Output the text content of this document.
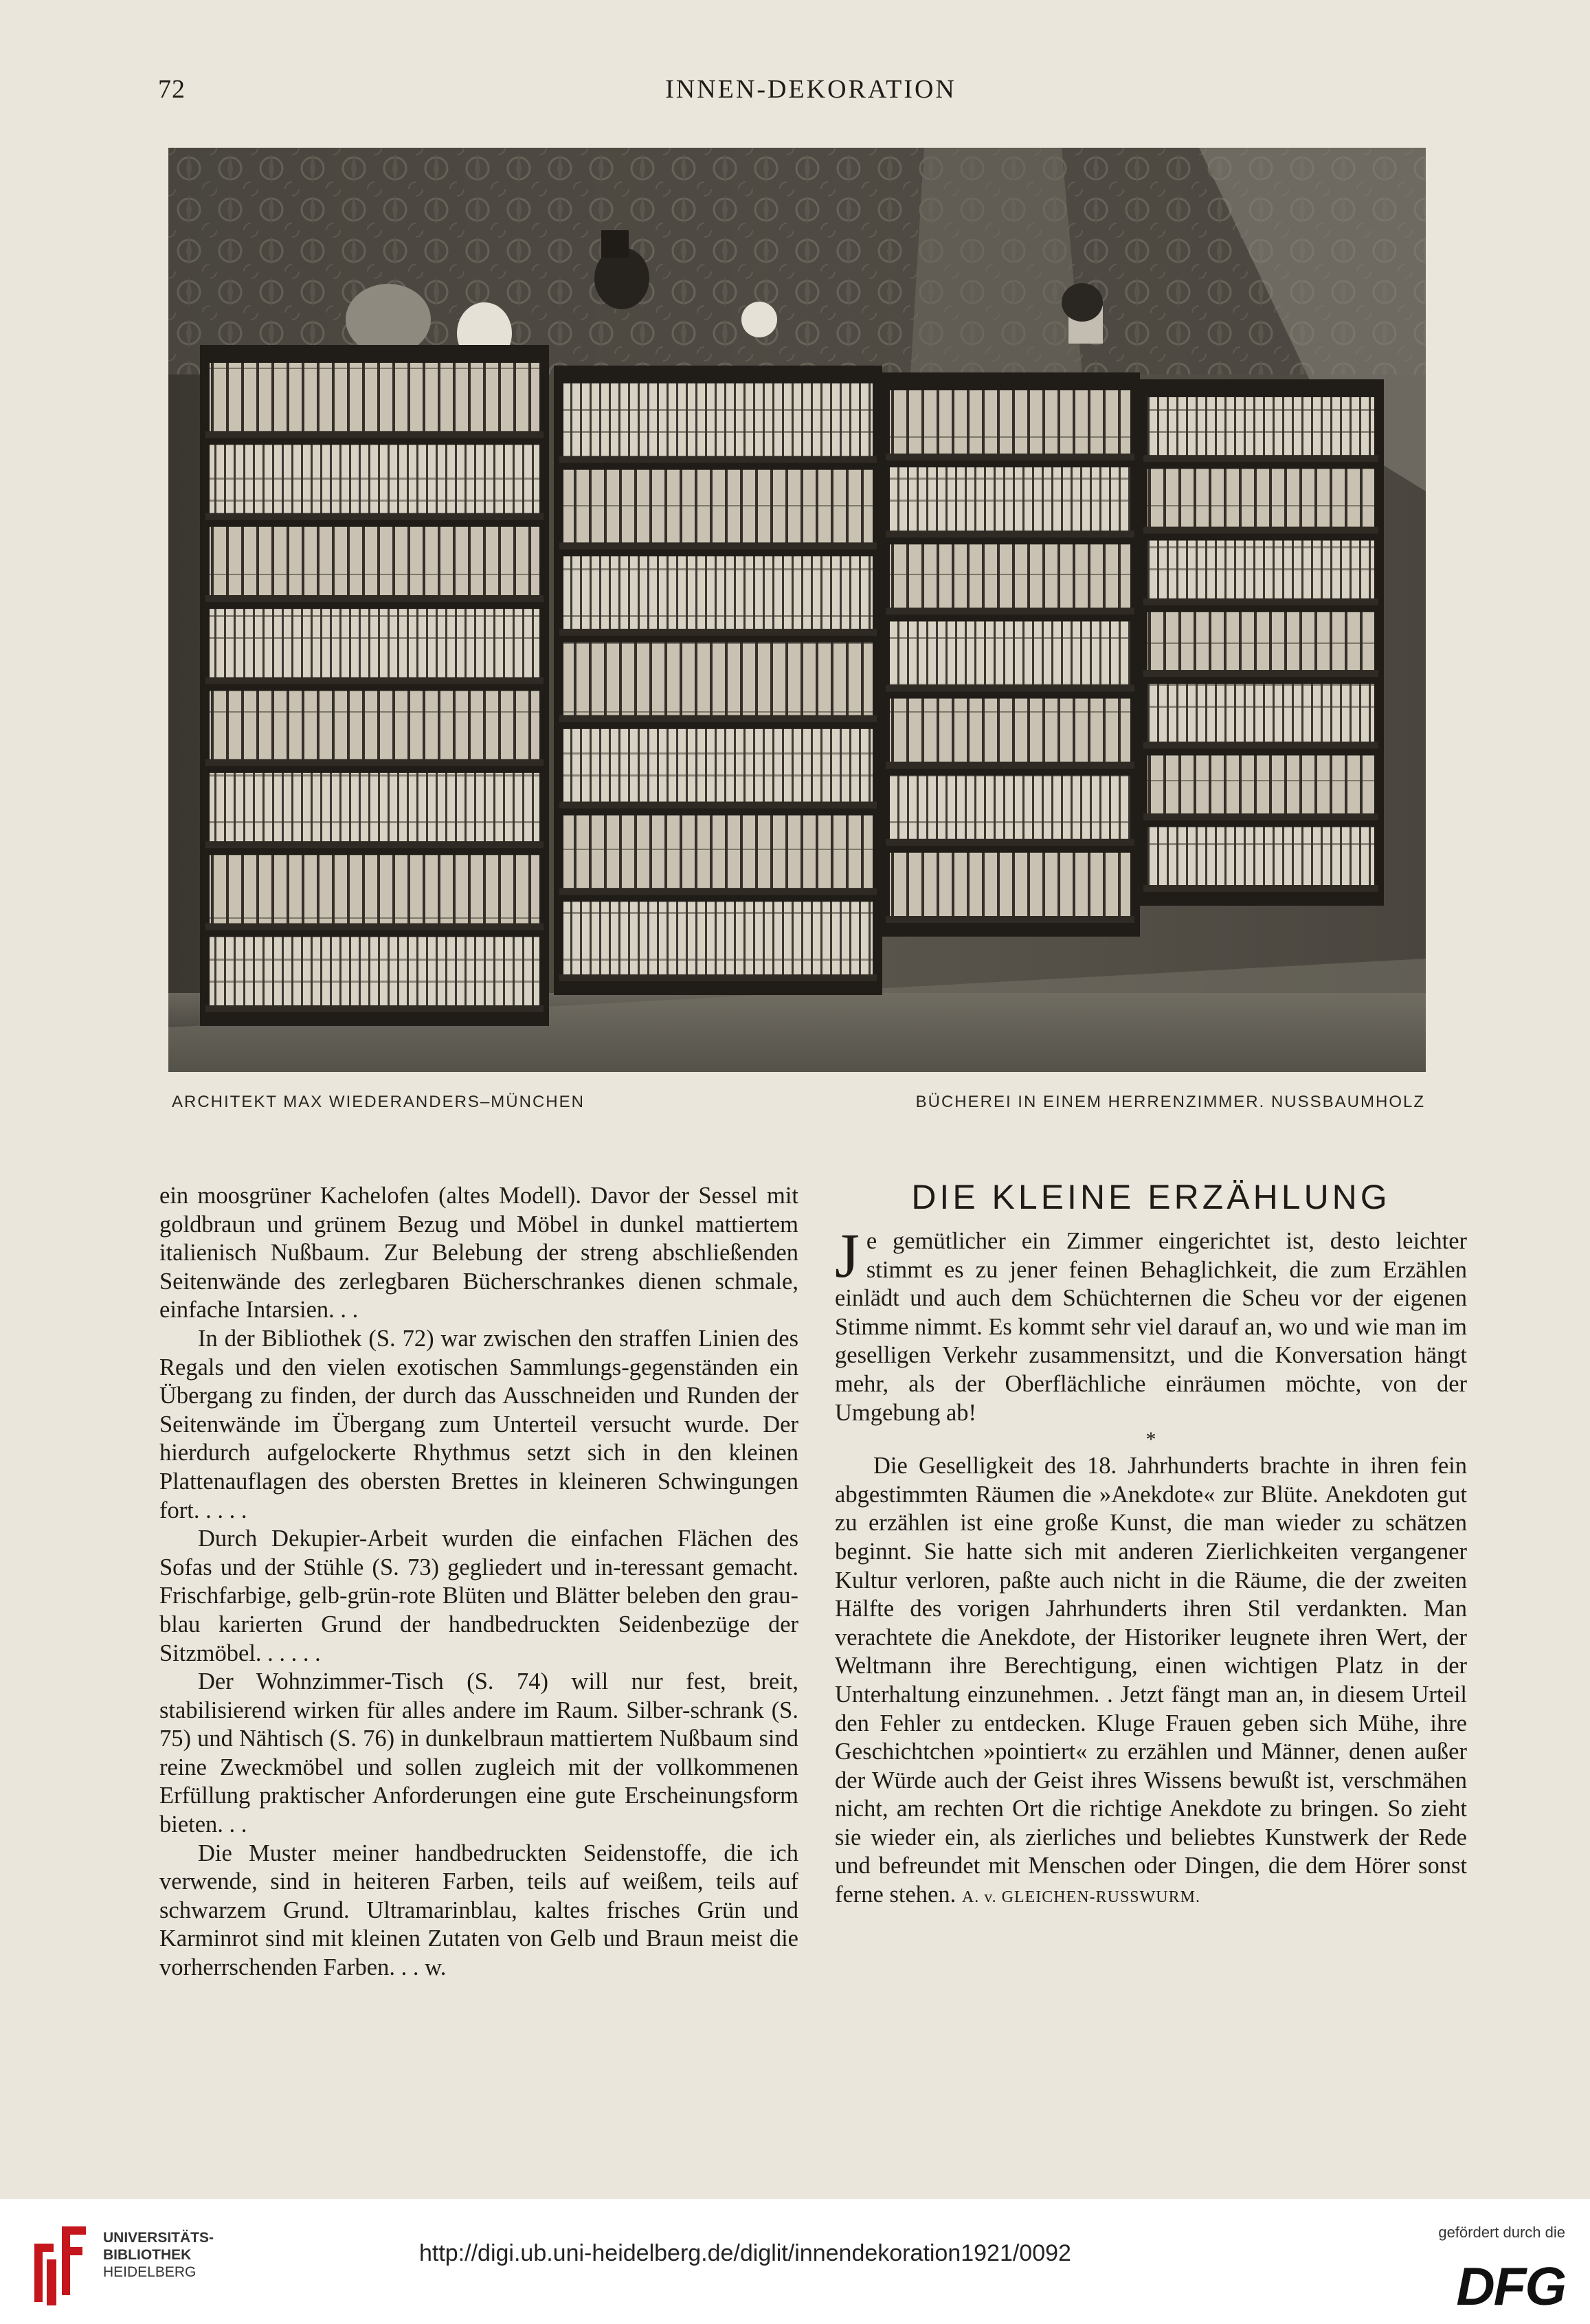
72	INNEN-DEKORATION
ARCHITEKT MAX WIEDERANDERS–MÜNCHEN	BÜCHEREI IN EINEM HERRENZIMMER. NUSSBAUMHOLZ

ein moosgrüner Kachelofen (altes Modell). Davor der Sessel mit goldbraun und grünem Bezug und Möbel in dunkel mattiertem italienisch Nußbaum. Zur Belebung der streng abschließenden Seitenwände des zerlegbaren Bücherschrankes dienen schmale, einfache Intarsien. . .

In der Bibliothek (S. 72) war zwischen den straffen Linien des Regals und den vielen exotischen Sammlungs-gegenständen ein Übergang zu finden, der durch das Ausschneiden und Runden der Seitenwände im Übergang zum Unterteil versucht wurde. Der hierdurch aufgelockerte Rhythmus setzt sich in den kleinen Plattenauflagen des obersten Brettes in kleineren Schwingungen fort. . . . .

Durch Dekupier-Arbeit wurden die einfachen Flächen des Sofas und der Stühle (S. 73) gegliedert und in-teressant gemacht. Frischfarbige, gelb-grün-rote Blüten und Blätter beleben den grau-blau karierten Grund der handbedruckten Seidenbezüge der Sitzmöbel. . . . . .

Der Wohnzimmer-Tisch (S. 74) will nur fest, breit, stabilisierend wirken für alles andere im Raum. Silber-schrank (S. 75) und Nähtisch (S. 76) in dunkelbraun mattiertem Nußbaum sind reine Zweckmöbel und sollen zugleich mit der vollkommenen Erfüllung praktischer Anforderungen eine gute Erscheinungsform bieten. . .

Die Muster meiner handbedruckten Seidenstoffe, die ich verwende, sind in heiteren Farben, teils auf weißem, teils auf schwarzem Grund. Ultramarinblau, kaltes frisches Grün und Karminrot sind mit kleinen Zutaten von Gelb und Braun meist die vorherrschenden Farben. . . w.

DIE KLEINE ERZÄHLUNG

Je gemütlicher ein Zimmer eingerichtet ist, desto leichter stimmt es zu jener feinen Behaglichkeit, die zum Erzählen einlädt und auch dem Schüchternen die Scheu vor der eigenen Stimme nimmt. Es kommt sehr viel darauf an, wo und wie man im geselligen Verkehr zusammensitzt, und die Konversation hängt mehr, als der Oberflächliche einräumen möchte, von der Umgebung ab!

*

Die Geselligkeit des 18. Jahrhunderts brachte in ihren fein abgestimmten Räumen die »Anekdote« zur Blüte. Anekdoten gut zu erzählen ist eine große Kunst, die man wieder zu schätzen beginnt. Sie hatte sich mit anderen Zierlichkeiten vergangener Kultur verloren, paßte auch nicht in die Räume, die der zweiten Hälfte des vorigen Jahrhunderts ihren Stil verdankten. Man verachtete die Anekdote, der Historiker leugnete ihren Wert, der Weltmann ihre Berechtigung, einen wichtigen Platz in der Unterhaltung einzunehmen. . Jetzt fängt man an, in diesem Urteil den Fehler zu entdecken. Kluge Frauen geben sich Mühe, ihre Geschichtchen »pointiert« zu erzählen und Männer, denen außer der Würde auch der Geist ihres Wissens bewußt ist, verschmähen nicht, am rechten Ort die richtige Anekdote zu bringen. So zieht sie wieder ein, als zierliches und beliebtes Kunstwerk der Rede und befreundet mit Menschen oder Dingen, die dem Hörer sonst ferne stehen. A. v. GLEICHEN-RUSSWURM.

UNIVERSITÄTS-
BIBLIOTHEK
HEIDELBERG
http://digi.ub.uni-heidelberg.de/diglit/innendekoration1921/0092
gefördert durch die
DFG
